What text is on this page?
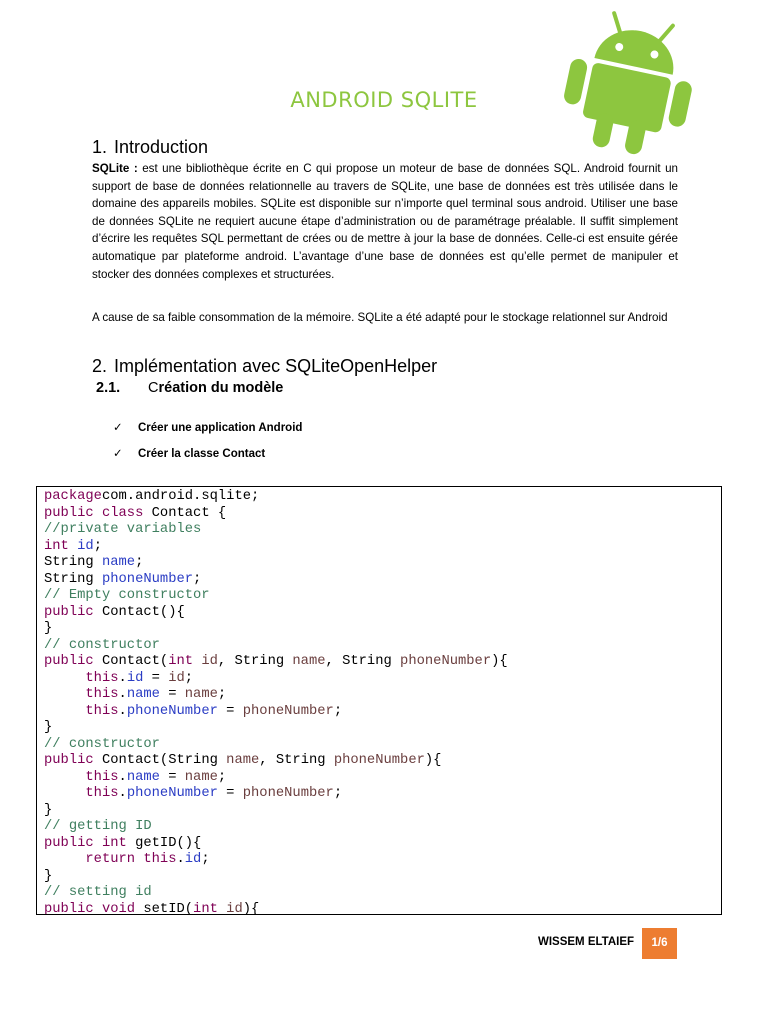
ANDROID SQLITE
1. Introduction
SQLite : est une bibliothèque écrite en C qui propose un moteur de base de données SQL. Android fournit un support de base de données relationnelle au travers de SQLite, une base de données est très utilisée dans le domaine des appareils mobiles. SQLite est disponible sur n’importe quel terminal sous android. Utiliser une base de données SQLite ne requiert aucune étape d’administration ou de paramétrage préalable. Il suffit simplement d’écrire les requêtes SQL permettant de crées ou de mettre à jour la base de données. Celle-ci est ensuite gérée automatique par plateforme android. L’avantage d’une base de données est qu’elle permet de manipuler et stocker des données complexes et structurées.
A cause de sa faible consommation de la mémoire. SQLite a été adapté pour le stockage relationnel sur Android
2. Implémentation avec SQLiteOpenHelper
2.1. Création du modèle
✓ Créer une application Android
✓ Créer la classe Contact
packagecom.android.sqlite;
public class Contact {
//private variables
int id;
String name;
String phoneNumber;
// Empty constructor
public Contact(){
}
// constructor
public Contact(int id, String name, String phoneNumber){
this.id = id;
this.name = name;
this.phoneNumber = phoneNumber;
}
// constructor
public Contact(String name, String phoneNumber){
this.name = name;
this.phoneNumber = phoneNumber;
}
// getting ID
public int getID(){
return this.id;
}
// setting id
public void setID(int id){
WISSEM ELTAIEF	1/6
